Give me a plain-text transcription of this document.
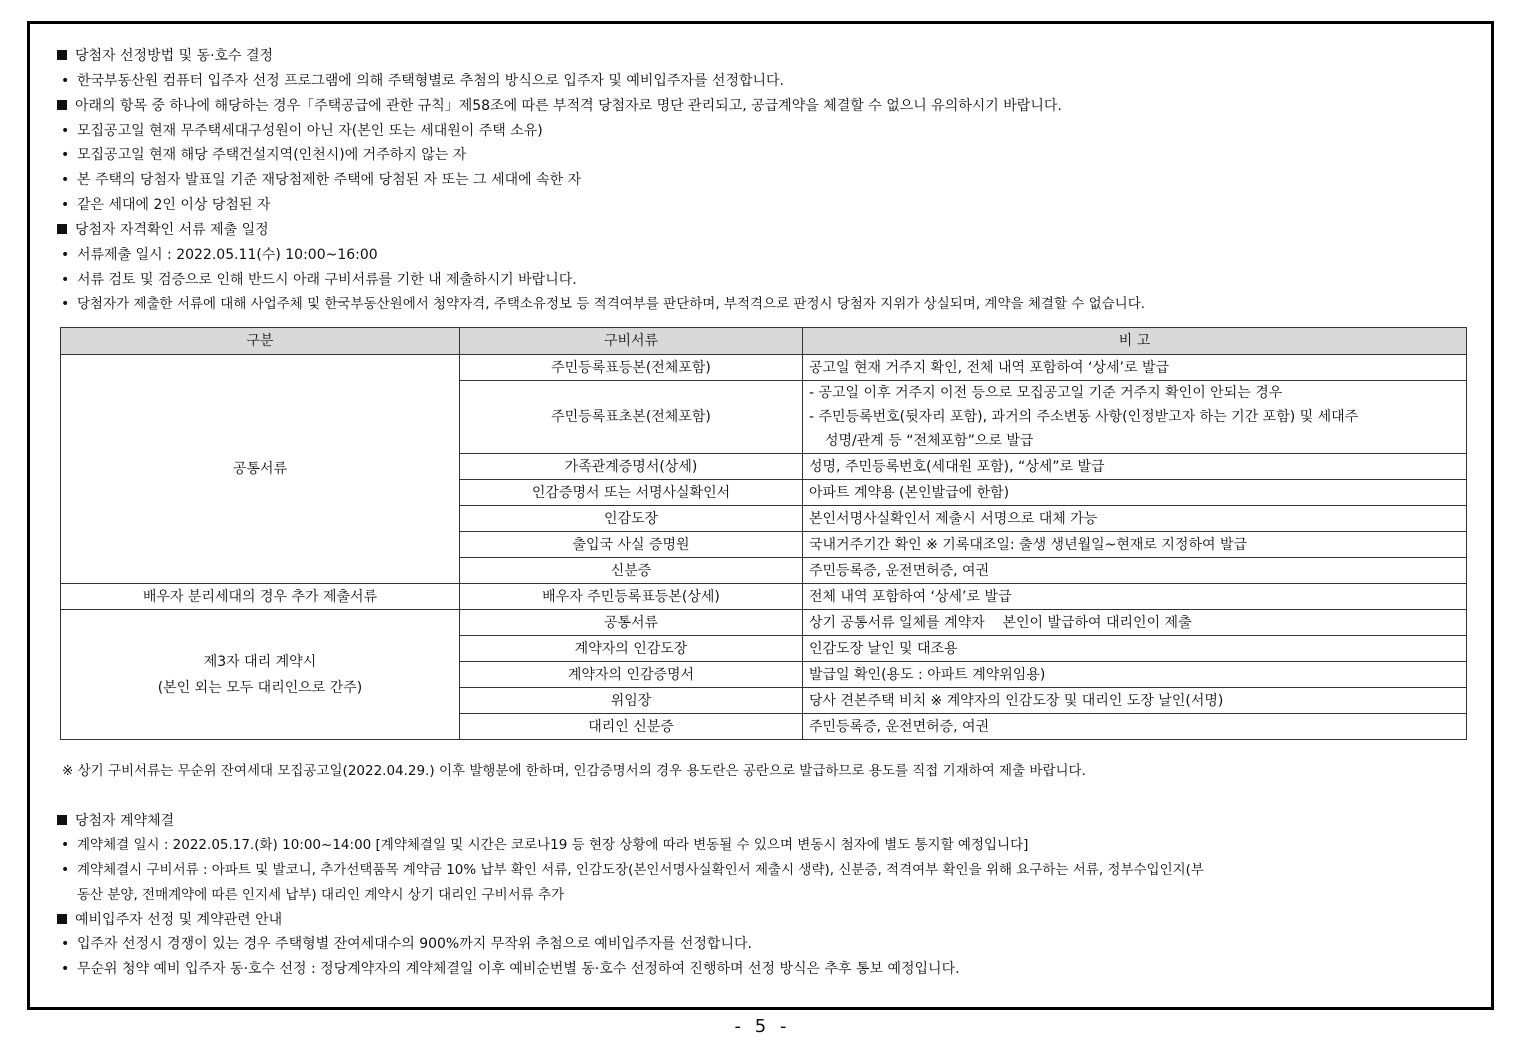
당첨자 선정방법 및 동·호수 결정
• 한국부동산원 컴퓨터 입주자 선정 프로그램에 의해 주택형별로 추첨의 방식으로 입주자 및 예비입주자를 선정합니다.
아래의 항목 중 하나에 해당하는 경우「주택공급에 관한 규칙」제58조에 따른 부적격 당첨자로 명단 관리되고, 공급계약을 체결할 수 없으니 유의하시기 바랍니다.
• 모집공고일 현재 무주택세대구성원이 아닌 자(본인 또는 세대원이 주택 소유)
• 모집공고일 현재 해당 주택건설지역(인천시)에 거주하지 않는 자
• 본 주택의 당첨자 발표일 기준 재당첨제한 주택에 당첨된 자 또는 그 세대에 속한 자
• 같은 세대에 2인 이상 당첨된 자
당첨자 자격확인 서류 제출 일정
• 서류제출 일시 : 2022.05.11(수) 10:00~16:00
• 서류 검토 및 검증으로 인해 반드시 아래 구비서류를 기한 내 제출하시기 바랍니다.
• 당첨자가 제출한 서류에 대해 사업주체 및 한국부동산원에서 청약자격, 주택소유정보 등 적격여부를 판단하며, 부적격으로 판정시 당첨자 지위가 상실되며, 계약을 체결할 수 없습니다.
구분	구비서류	비 고
공통서류	주민등록표등본(전체포함)	공고일 현재 거주지 확인, 전체 내역 포함하여 ‘상세’로 발급
	주민등록표초본(전체포함)	- 공고일 이후 거주지 이전 등으로 모집공고일 기준 거주지 확인이 안되는 경우
		- 주민등록번호(뒷자리 포함), 과거의 주소변동 사항(인정받고자 하는 기간 포함) 및 세대주
		성명/관계 등 “전체포함”으로 발급
	가족관계증명서(상세)	성명, 주민등록번호(세대원 포함), “상세”로 발급
	인감증명서 또는 서명사실확인서	아파트 계약용 (본인발급에 한함)
	인감도장	본인서명사실확인서 제출시 서명으로 대체 가능
	출입국 사실 증명원	국내거주기간 확인 ※ 기록대조일: 출생 생년월일~현재로 지정하여 발급
	신분증	주민등록증, 운전면허증, 여권
배우자 분리세대의 경우 추가 제출서류	배우자 주민등록표등본(상세)	전체 내역 포함하여 ‘상세’로 발급

제3자 대리 계약시
(본인 외는 모두 대리인으로 간주)	공통서류	상기 공통서류 일체를 계약자    본인이 발급하여 대리인이 제출
	계약자의 인감도장	인감도장 날인 및 대조용
	계약자의 인감증명서	발급일 확인(용도 : 아파트 계약위임용)
	위임장	당사 견본주택 비치 ※ 계약자의 인감도장 및 대리인 도장 날인(서명)
	대리인 신분증	주민등록증, 운전면허증, 여권
※ 상기 구비서류는 무순위 잔여세대 모집공고일(2022.04.29.) 이후 발행분에 한하며, 인감증명서의 경우 용도란은 공란으로 발급하므로 용도를 직접 기재하여 제출 바랍니다.
당첨자 계약체결
• 계약체결 일시 : 2022.05.17.(화) 10:00~14:00 [계약체결일 및 시간은 코로나19 등 현장 상황에 따라 변동될 수 있으며 변동시 첨자에 별도 통지할 예정입니다]
• 계약체결시 구비서류 : 아파트 및 발코니, 추가선택품목 계약금 10% 납부 확인 서류, 인감도장(본인서명사실확인서 제출시 생략), 신분증, 적격여부 확인을 위해 요구하는 서류, 정부수입인지(부
동산 분양, 전매계약에 따른 인지세 납부) 대리인 계약시 상기 대리인 구비서류 추가
예비입주자 선정 및 계약관련 안내
• 입주자 선정시 경쟁이 있는 경우 주택형별 잔여세대수의 900%까지 무작위 추첨으로 예비입주자를 선정합니다.
• 무순위 청약 예비 입주자 동·호수 선정 : 정당계약자의 계약체결일 이후 예비순번별 동·호수 선정하여 진행하며 선정 방식은 추후 통보 예정입니다.
- 5 -
